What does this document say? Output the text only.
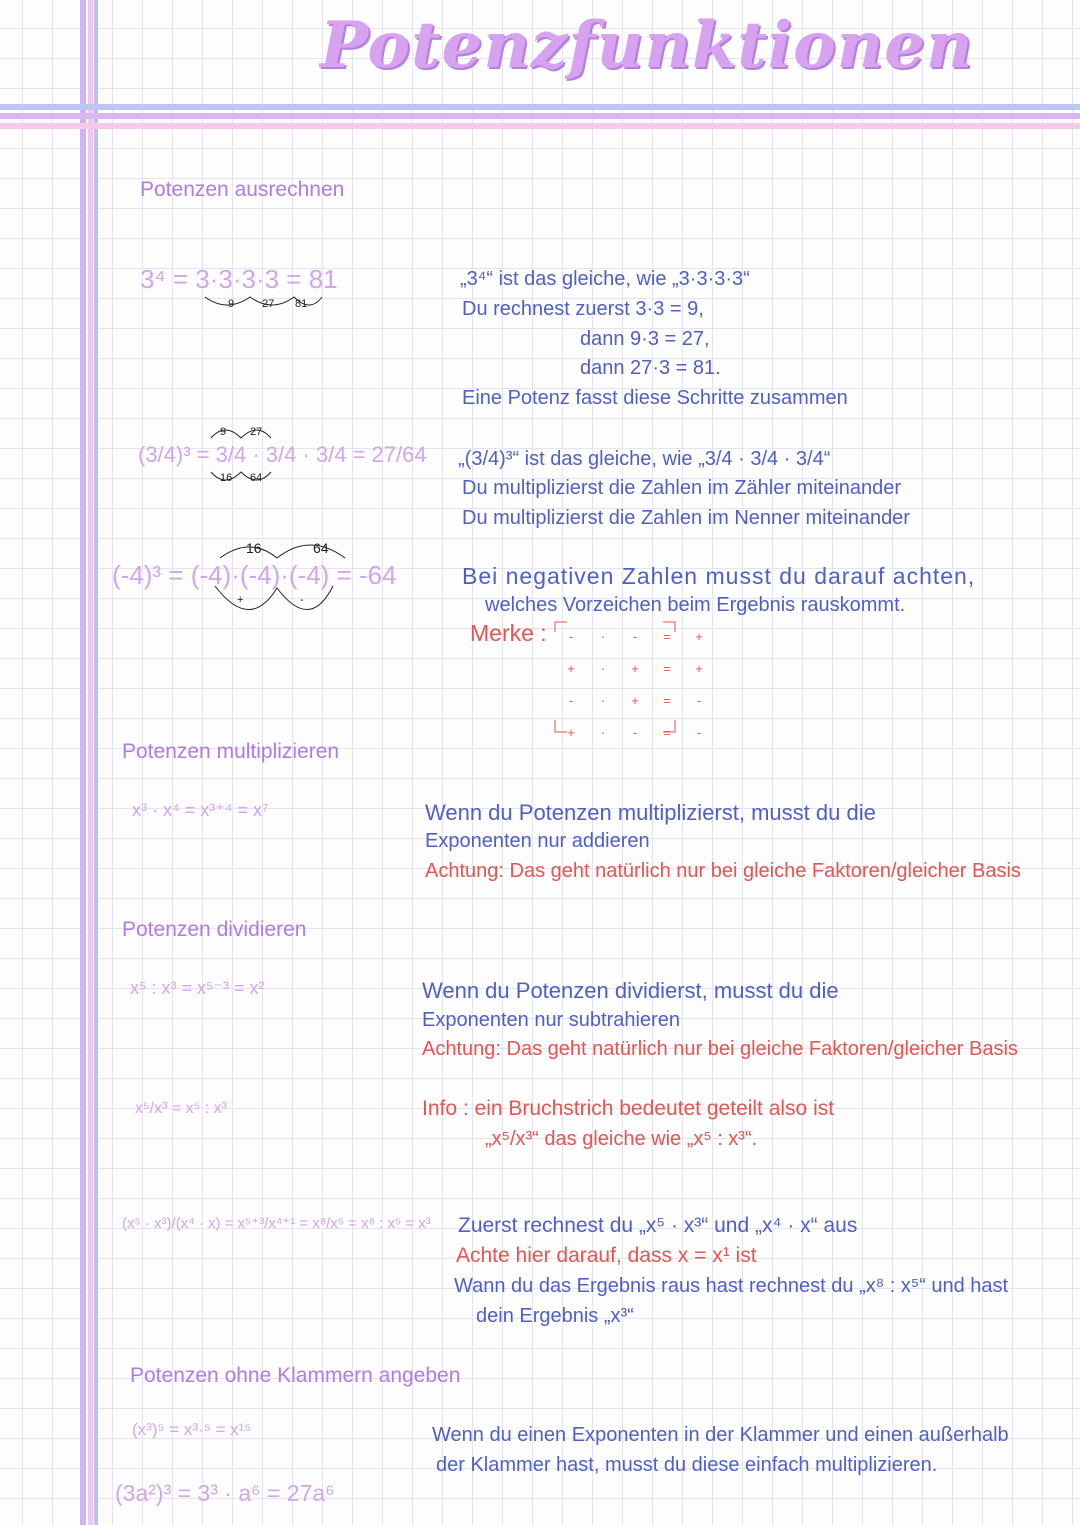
Potenzfunktionen
Potenzen ausrechnen
3⁴ = 3·3·3·3 = 81
9	27 81
„3⁴“ ist das gleiche, wie „3·3·3·3“
Du rechnest zuerst 3·3 = 9,
dann 9·3 = 27,
dann 27·3 = 81.
Eine Potenz fasst diese Schritte zusammen
(3/4)³ = 3/4 · 3/4 · 3/4 = 27/64
9 27
16 64
„(3/4)³“ ist das gleiche, wie „3/4 · 3/4 · 3/4“
Du multiplizierst die Zahlen im Zähler miteinander
Du multiplizierst die Zahlen im Nenner miteinander
(-4)³ = (-4)·(-4)·(-4) = -64
16	64
+	-
Bei negativen Zahlen musst du darauf achten,
welches Vorzeichen beim Ergebnis rauskommt.
Merke : -	·	-	=	+
+	·	+	=	+
-	·	+	=	-
+	·	-	=	-
Potenzen multiplizieren
x³ · x⁴ = x³⁺⁴ = x⁷	Wenn du Potenzen multiplizierst, musst du die
Exponenten nur addieren
Achtung: Das geht natürlich nur bei gleiche Faktoren/gleicher Basis
Potenzen dividieren
x⁵ : x³ = x⁵⁻³ = x²	Wenn du Potenzen dividierst, musst du die
Exponenten nur subtrahieren
Achtung: Das geht natürlich nur bei gleiche Faktoren/gleicher Basis
x⁵/x³ = x⁵ : x³	Info : ein Bruchstrich bedeutet geteilt also ist
„x⁵/x³“ das gleiche wie „x⁵ : x³“.
(x⁵ · x³)/(x⁴ · x) = x⁵⁺³/x⁴⁺¹ = x⁸/x⁵ = x⁸ : x⁵ = x³	Zuerst rechnest du „x⁵ · x³“ und „x⁴ · x“ aus
Achte hier darauf, dass x = x¹ ist
Wann du das Ergebnis raus hast rechnest du „x⁸ : x⁵“ und hast
dein Ergebnis „x³“
Potenzen ohne Klammern angeben
(x³)⁵ = x³·⁵ = x¹⁵
(3a²)³ = 3³ · a⁶ = 27a⁶
Wenn du einen Exponenten in der Klammer und einen außerhalb
der Klammer hast, musst du diese einfach multiplizieren.
